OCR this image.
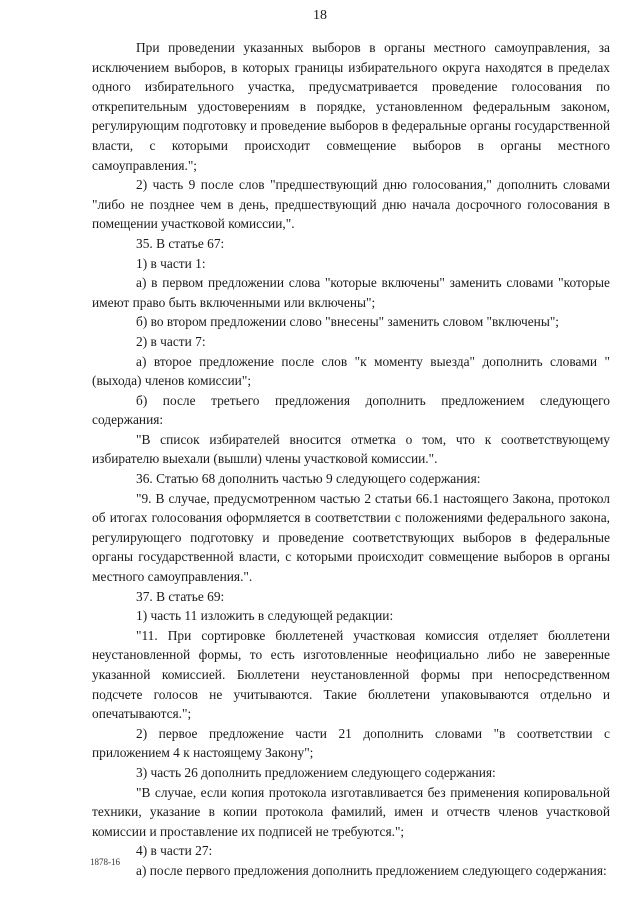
18

При проведении указанных выборов в органы местного самоуправления, за исключением выборов, в которых границы избирательного округа находятся в пределах одного избирательного участка, предусматривается проведение голосования по открепительным удостоверениям в порядке, установленном федеральным законом, регулирующим подготовку и проведение выборов в федеральные органы государственной власти, с которыми происходит совмещение выборов в органы местного самоуправления.";

2) часть 9 после слов "предшествующий дню голосования," дополнить словами "либо не позднее чем в день, предшествующий дню начала досрочного голосования в помещении участковой комиссии,".

35. В статье 67:

1) в части 1:

а) в первом предложении слова "которые включены" заменить словами "которые имеют право быть включенными или включены";

б) во втором предложении слово "внесены" заменить словом "включены";

2) в части 7:

а) второе предложение после слов "к моменту выезда" дополнить словами "(выхода) членов комиссии";

б) после третьего предложения дополнить предложением следующего содержания:

"В список избирателей вносится отметка о том, что к соответствующему избирателю выехали (вышли) члены участковой комиссии.".

36. Статью 68 дополнить частью 9 следующего содержания:

"9. В случае, предусмотренном частью 2 статьи 66.1 настоящего Закона, протокол об итогах голосования оформляется в соответствии с положениями федерального закона, регулирующего подготовку и проведение соответствующих выборов в федеральные органы государственной власти, с которыми происходит совмещение выборов в органы местного самоуправления.".

37. В статье 69:

1) часть 11 изложить в следующей редакции:

"11. При сортировке бюллетеней участковая комиссия отделяет бюллетени неустановленной формы, то есть изготовленные неофициально либо не заверенные указанной комиссией. Бюллетени неустановленной формы при непосредственном подсчете голосов не учитываются. Такие бюллетени упаковываются отдельно и опечатываются.";

2) первое предложение части 21 дополнить словами "в соответствии с приложением 4 к настоящему Закону";

3) часть 26 дополнить предложением следующего содержания:

"В случае, если копия протокола изготавливается без применения копировальной техники, указание в копии протокола фамилий, имен и отчеств членов участковой комиссии и проставление их подписей не требуются.";

4) в части 27:

а) после первого предложения дополнить предложением следующего содержания:

1878-16
